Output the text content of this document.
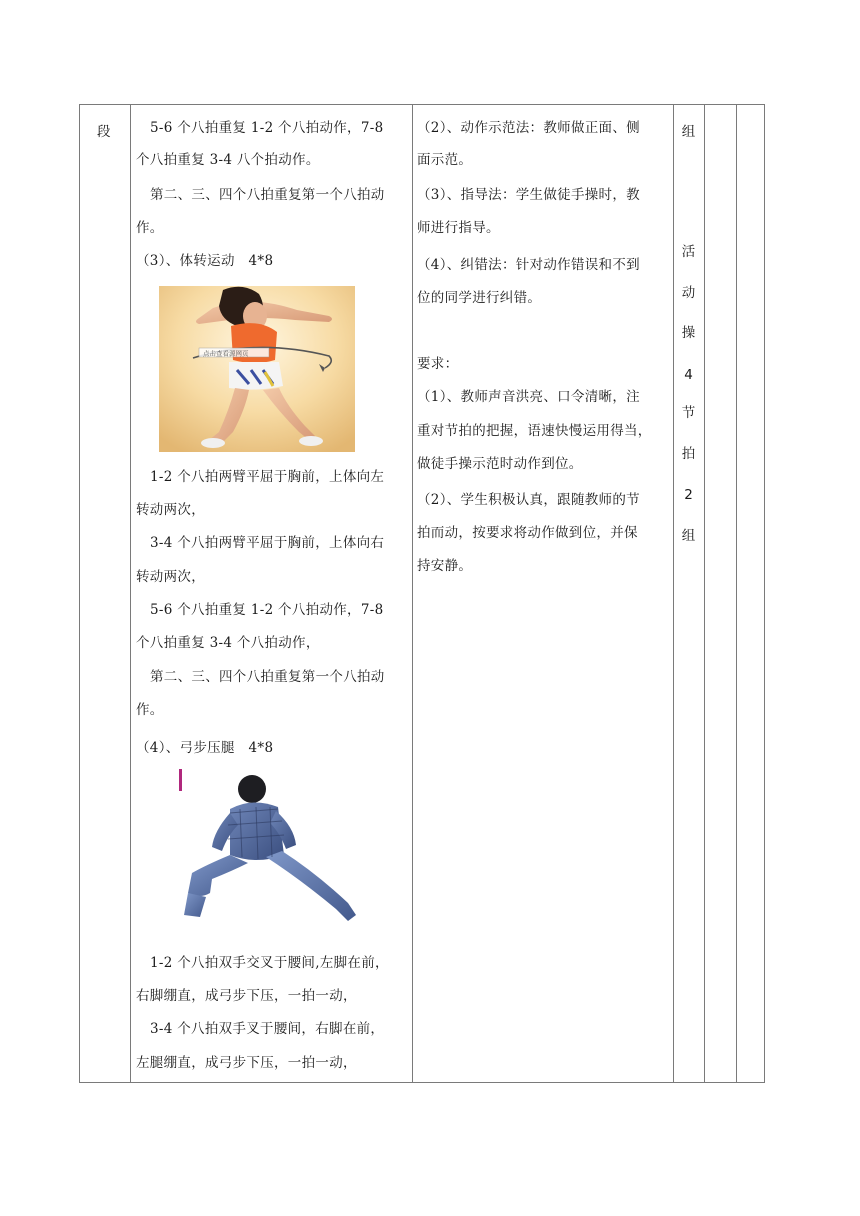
段	5-6 个八拍重复 1-2 个八拍动作，7-8
个八拍重复 3-4 八个拍动作。
第二、三、四个八拍重复第一个八拍动
作。
（3）、体转运动　4*8
点击查看源网页
1-2 个八拍两臂平屈于胸前，上体向左
转动两次，
3-4 个八拍两臂平屈于胸前，上体向右
转动两次，
5-6 个八拍重复 1-2 个八拍动作，7-8
个八拍重复 3-4 个八拍动作，
第二、三、四个八拍重复第一个八拍动
作。
（4）、弓步压腿　4*8
1-2 个八拍双手交叉于腰间,左脚在前，
右脚绷直，成弓步下压，一拍一动，
3-4 个八拍双手叉于腰间，右脚在前，
左腿绷直，成弓步下压，一拍一动，
（2）、动作示范法：教师做正面、侧
面示范。
（3）、指导法：学生做徒手操时，教
师进行指导。
（4）、纠错法：针对动作错误和不到
位的同学进行纠错。
要求：
（1）、教师声音洪亮、口令清晰，注
重对节拍的把握，语速快慢运用得当，
做徒手操示范时动作到位。
（2）、学生积极认真，跟随教师的节
拍而动，按要求将动作做到位，并保
持安静。
组
活
动
操
4
节
拍
2
组
